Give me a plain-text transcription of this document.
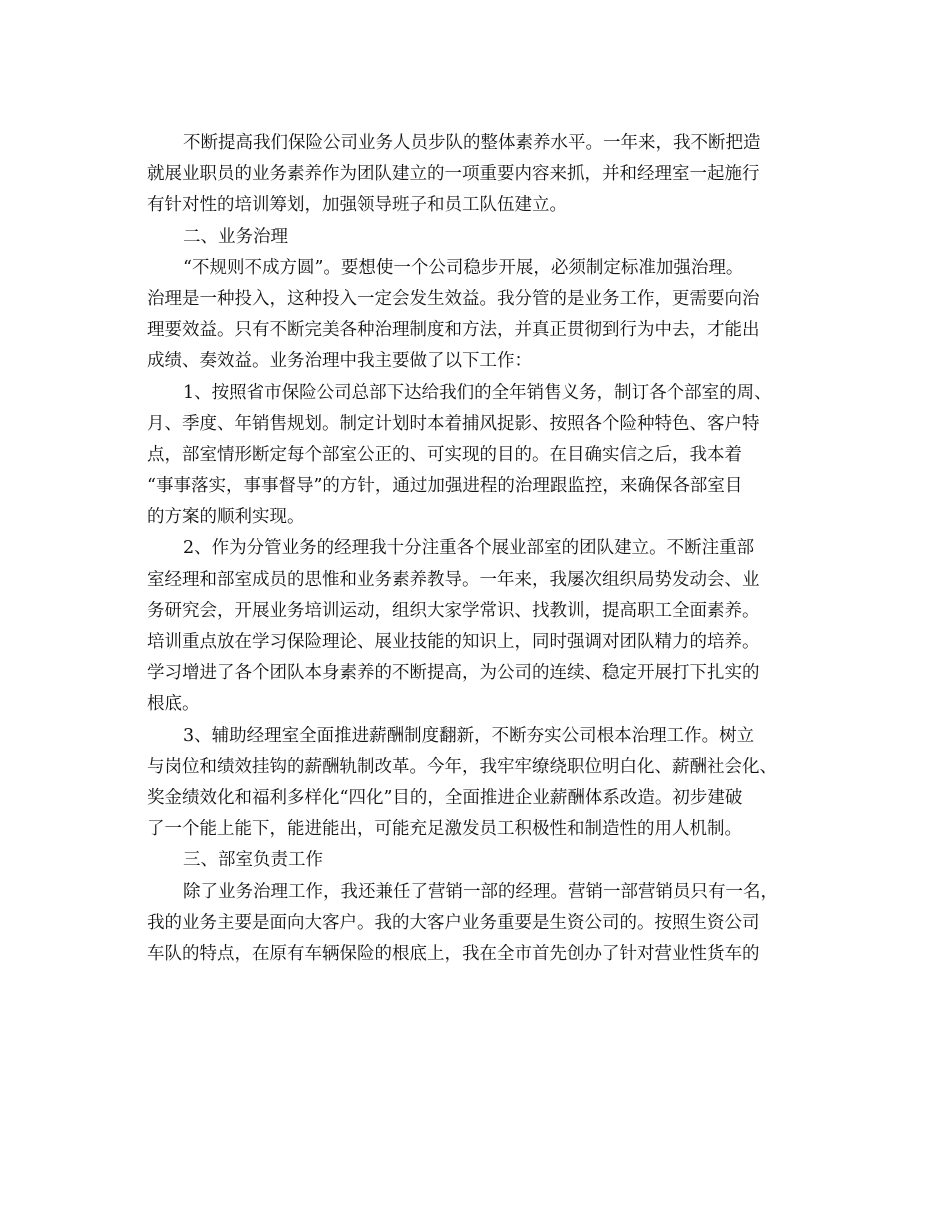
不断提高我们保险公司业务人员步队的整体素养水平。一年来，我不断把造
就展业职员的业务素养作为团队建立的一项重要内容来抓，并和经理室一起施行
有针对性的培训筹划，加强领导班子和员工队伍建立。
二、业务治理
“不规则不成方圆”。要想使一个公司稳步开展，必须制定标准加强治理。
治理是一种投入，这种投入一定会发生效益。我分管的是业务工作，更需要向治
理要效益。只有不断完美各种治理制度和方法，并真正贯彻到行为中去，才能出
成绩、奏效益。业务治理中我主要做了以下工作：
1、按照省市保险公司总部下达给我们的全年销售义务，制订各个部室的周、
月、季度、年销售规划。制定计划时本着捕风捉影、按照各个险种特色、客户特
点，部室情形断定每个部室公正的、可实现的目的。在目确实信之后，我本着
“事事落实，事事督导”的方针，通过加强进程的治理跟监控，来确保各部室目
的方案的顺利实现。
2、作为分管业务的经理我十分注重各个展业部室的团队建立。不断注重部
室经理和部室成员的思惟和业务素养教导。一年来，我屡次组织局势发动会、业
务研究会，开展业务培训运动，组织大家学常识、找教训，提高职工全面素养。
培训重点放在学习保险理论、展业技能的知识上，同时强调对团队精力的培养。
学习增进了各个团队本身素养的不断提高，为公司的连续、稳定开展打下扎实的
根底。
3、辅助经理室全面推进薪酬制度翻新，不断夯实公司根本治理工作。树立
与岗位和绩效挂钩的薪酬轨制改革。今年，我牢牢缭绕职位明白化、薪酬社会化、
奖金绩效化和福利多样化“四化”目的，全面推进企业薪酬体系改造。初步建破
了一个能上能下，能进能出，可能充足激发员工积极性和制造性的用人机制。
三、部室负责工作
除了业务治理工作，我还兼任了营销一部的经理。营销一部营销员只有一名，
我的业务主要是面向大客户。我的大客户业务重要是生资公司的。按照生资公司
车队的特点，在原有车辆保险的根底上，我在全市首先创办了针对营业性货车的
